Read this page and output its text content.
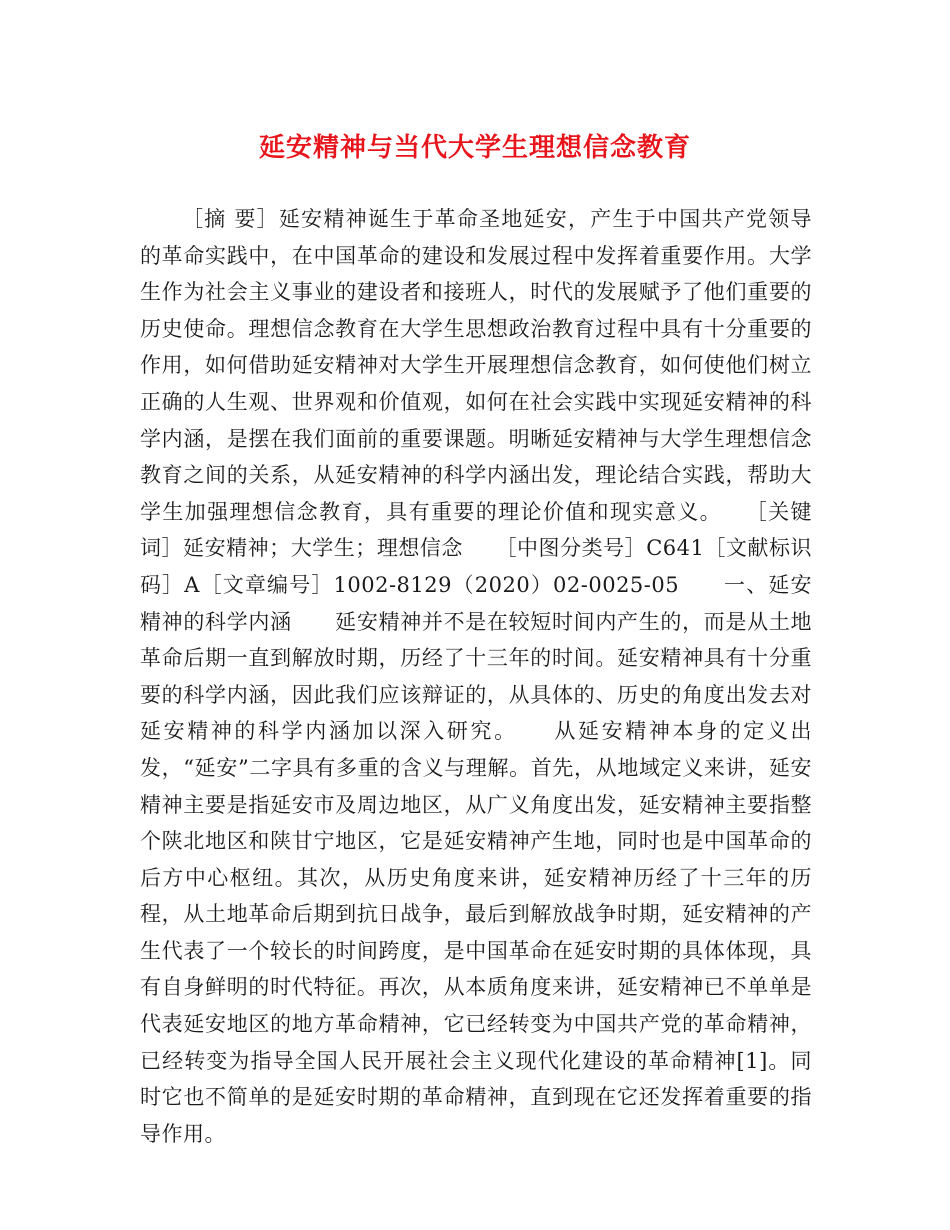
延安精神与当代大学生理想信念教育
［摘 要］延安精神诞生于革命圣地延安，产生于中国共产党领导的革命实践中，在中国革命的建设和发展过程中发挥着重要作用。大学生作为社会主义事业的建设者和接班人，时代的发展赋予了他们重要的历史使命。理想信念教育在大学生思想政治教育过程中具有十分重要的作用，如何借助延安精神对大学生开展理想信念教育，如何使他们树立正确的人生观、世界观和价值观，如何在社会实践中实现延安精神的科学内涵，是摆在我们面前的重要课题。明晰延安精神与大学生理想信念教育之间的关系，从延安精神的科学内涵出发，理论结合实践，帮助大学生加强理想信念教育，具有重要的理论价值和现实意义。　　［关键词］延安精神；大学生；理想信念　　［中图分类号］C641［文献标识码］A［文章编号］1002-8129（2020）02-0025-05　　一、延安精神的科学内涵　　延安精神并不是在较短时间内产生的，而是从土地革命后期一直到解放时期，历经了十三年的时间。延安精神具有十分重要的科学内涵，因此我们应该辩证的，从具体的、历史的角度出发去对延安精神的科学内涵加以深入研究。　　从延安精神本身的定义出发，“延安”二字具有多重的含义与理解。首先，从地域定义来讲，延安精神主要是指延安市及周边地区，从广义角度出发，延安精神主要指整个陕北地区和陕甘宁地区，它是延安精神产生地，同时也是中国革命的后方中心枢纽。其次，从历史角度来讲，延安精神历经了十三年的历程，从土地革命后期到抗日战争，最后到解放战争时期，延安精神的产生代表了一个较长的时间跨度，是中国革命在延安时期的具体体现，具有自身鲜明的时代特征。再次，从本质角度来讲，延安精神已不单单是代表延安地区的地方革命精神，它已经转变为中国共产党的革命精神，已经转变为指导全国人民开展社会主义现代化建设的革命精神[1]。同时它也不简单的是延安时期的革命精神，直到现在它还发挥着重要的指导作用。
